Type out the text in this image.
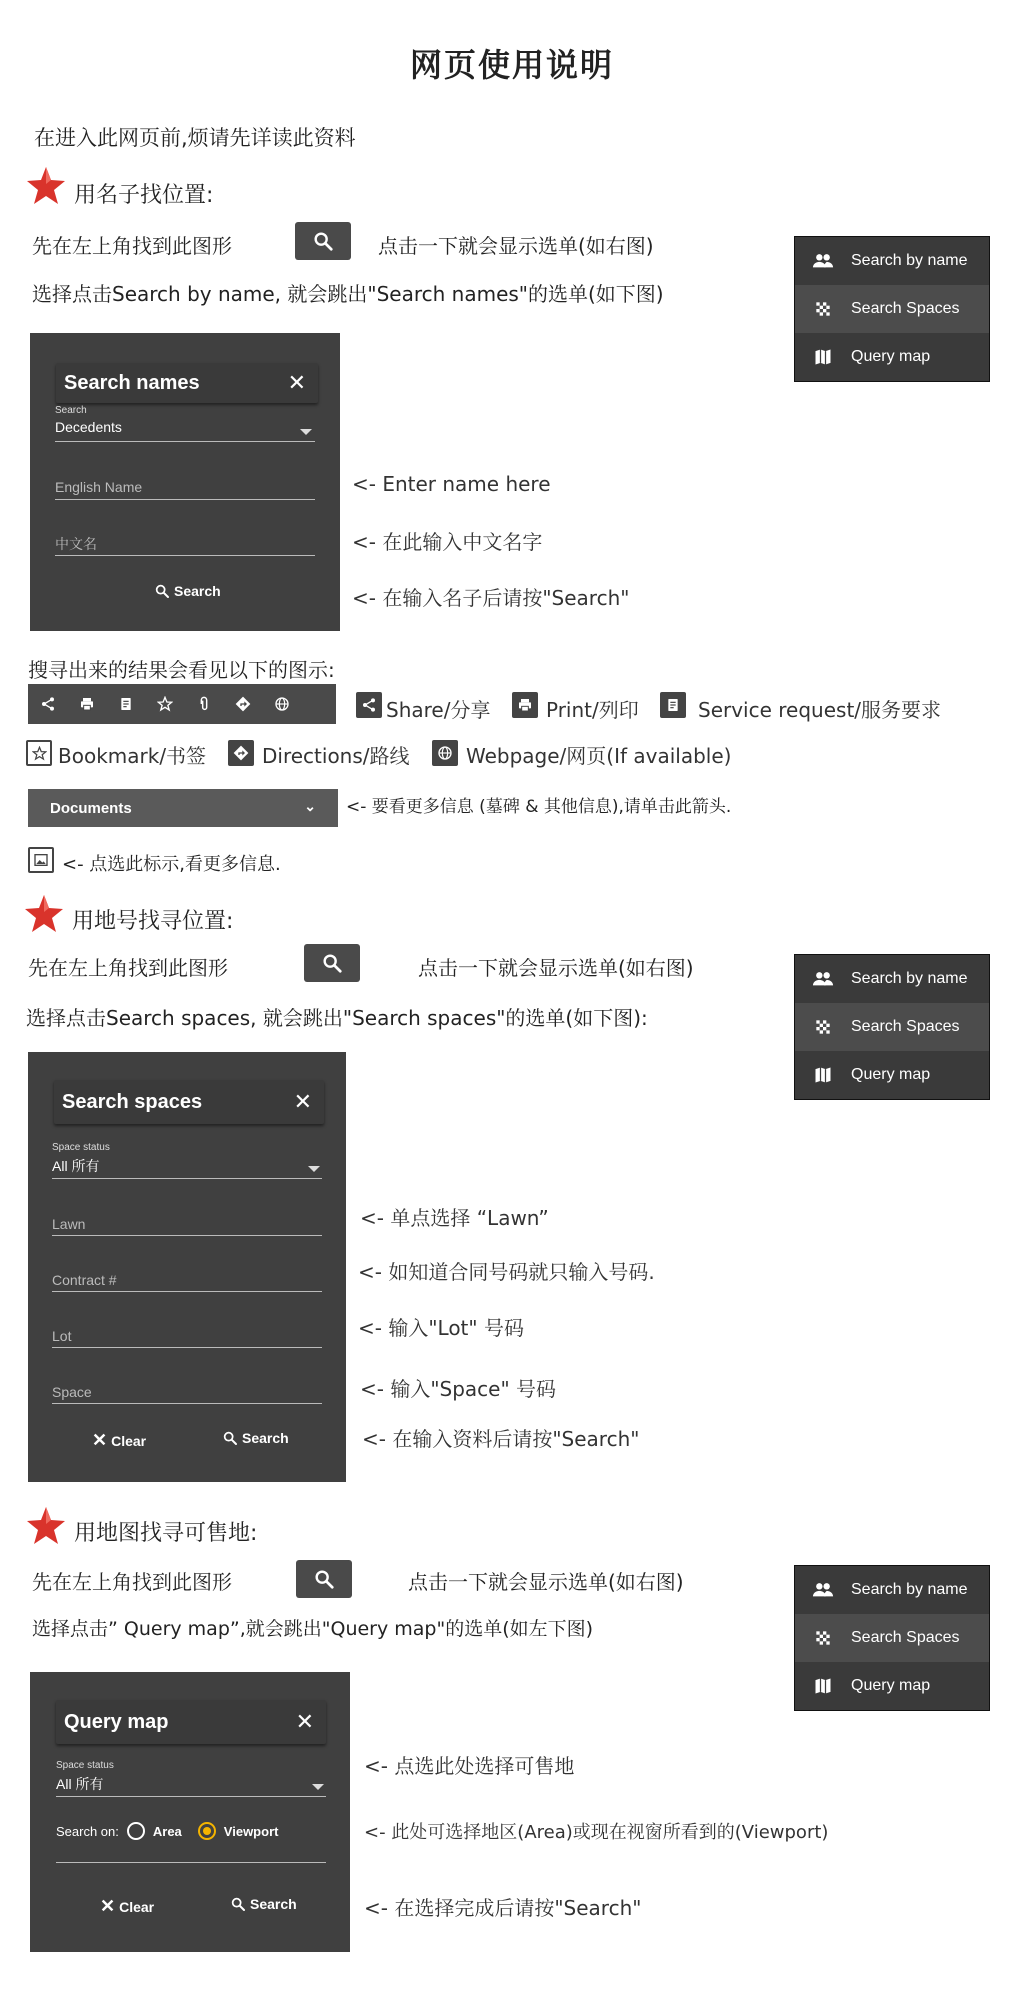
网页使用说明
在进入此网页前,烦请先详读此资料
用名子找位置:
先在左上角找到此图形	点击一下就会显示选单(如右图)
选择点击Search by name, 就会跳出"Search names"的选单(如下图)
Search by name
Search Spaces
Query map
Search names	✕
Search
Decedents
English Name
中文名
Search
<- Enter name here
<- 在此输入中文名字
<- 在输入名子后请按"Search"
搜寻出来的结果会看见以下的图示:
Share/分享	Print/列印	Service request/服务要求
Bookmark/书签	Directions/路线	Webpage/网页(If available)
Documents	⌄ <- 要看更多信息 (墓碑 & 其他信息),请单击此箭头.
<- 点选此标示,看更多信息.
用地号找寻位置:
先在左上角找到此图形	点击一下就会显示选单(如右图)
选择点击Search spaces, 就会跳出"Search spaces"的选单(如下图):
Search by name
Search Spaces
Query map
Search spaces	✕
Space status
All 所有
Lawn
Contract #
Lot
Space
✕ Clear	Search
<- 单点选择 “Lawn”
<- 如知道合同号码就只输入号码.
<- 输入"Lot" 号码
<- 输入"Space" 号码
<- 在输入资料后请按"Search"
用地图找寻可售地:
先在左上角找到此图形	点击一下就会显示选单(如右图)
选择点击” Query map”,就会跳出"Query map"的选单(如左下图)
Search by name
Search Spaces
Query map
Query map	✕
Space status
All 所有
Search on:	Area	Viewport
✕ Clear	Search
<- 点选此处选择可售地
<- 此处可选择地区(Area)或现在视窗所看到的(Viewport)
<- 在选择完成后请按"Search"
